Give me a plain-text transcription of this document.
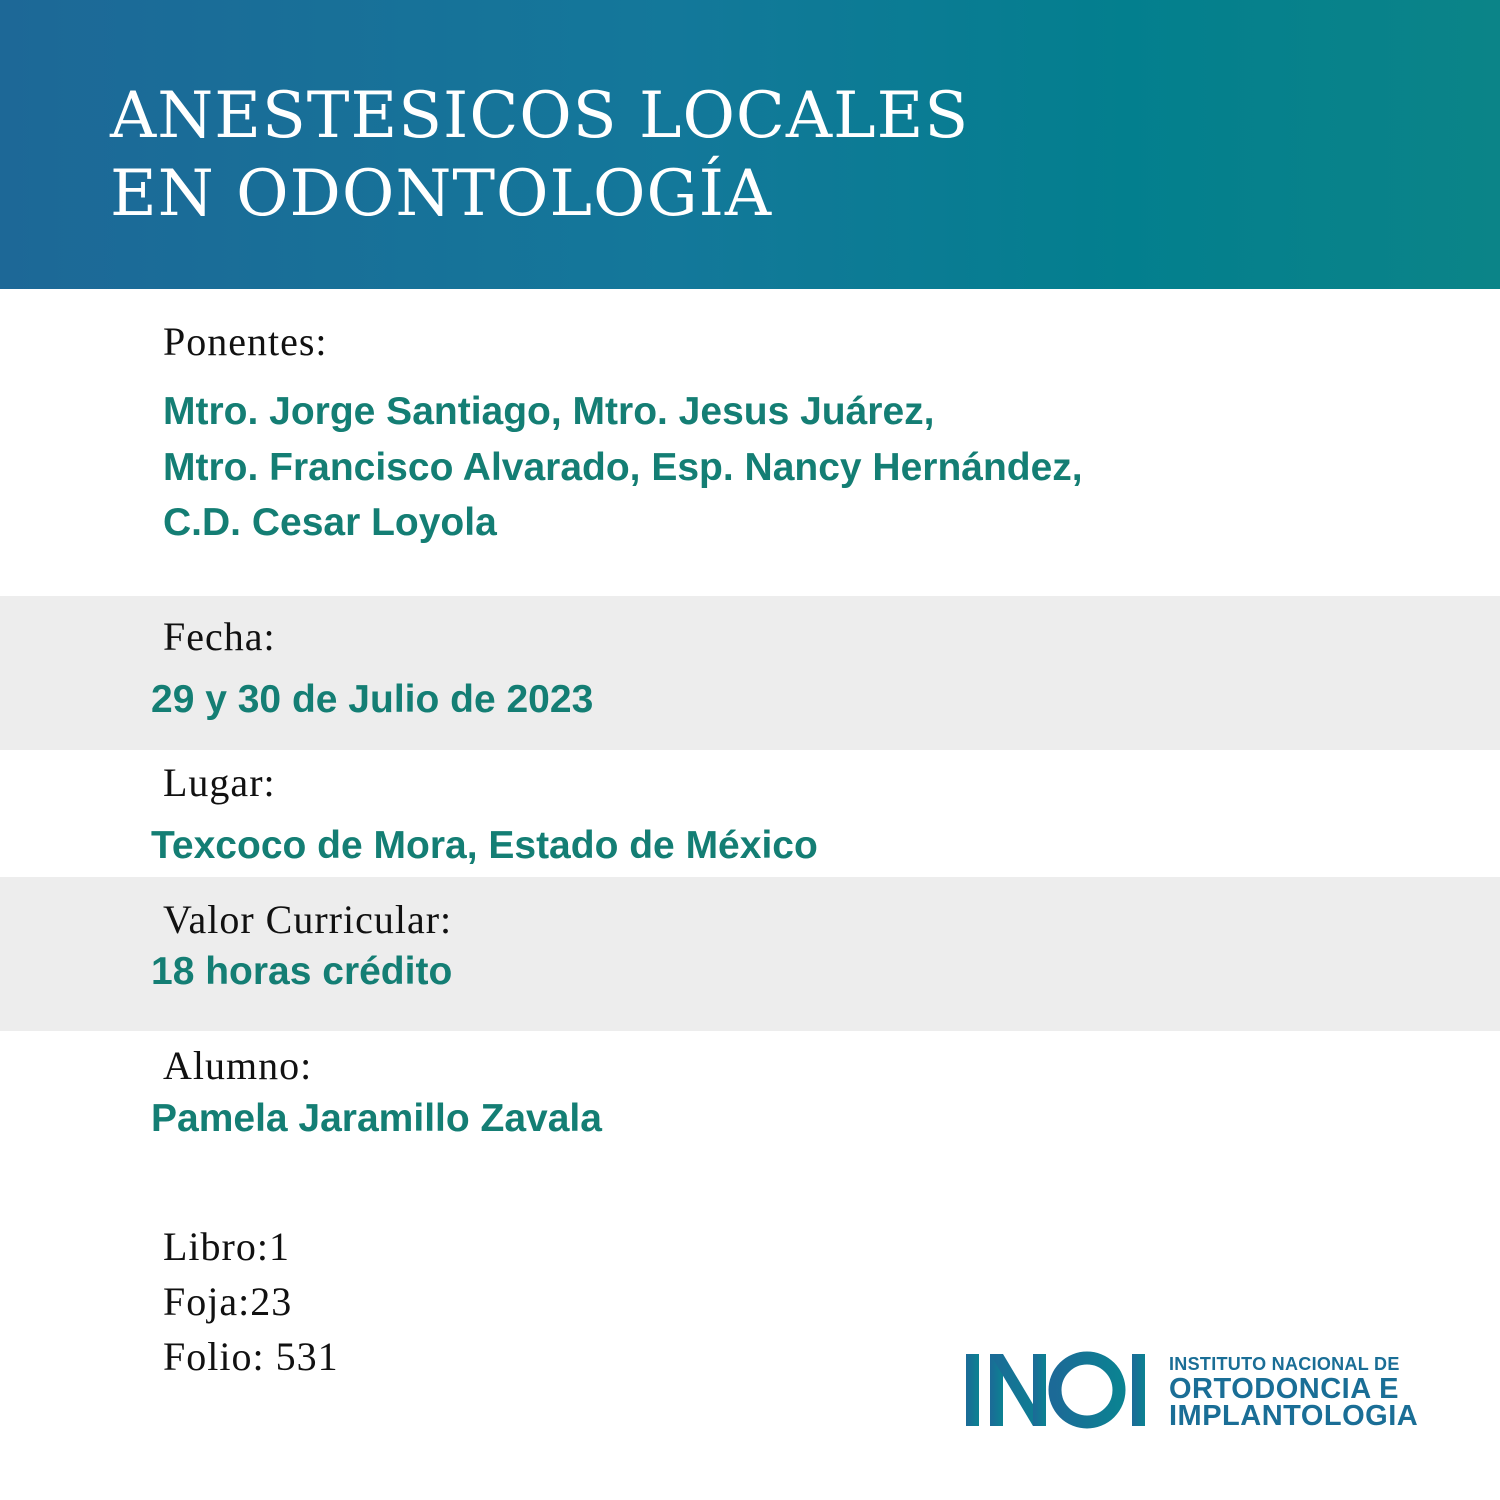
ANESTESICOS LOCALES
EN ODONTOLOGÍA
Ponentes:
Mtro. Jorge Santiago, Mtro. Jesus Juárez,
Mtro. Francisco Alvarado, Esp. Nancy Hernández,
C.D. Cesar Loyola
Fecha:
29 y 30 de Julio de 2023
Lugar:
Texcoco de Mora, Estado de México
Valor Curricular:
18 horas crédito
Alumno:
Pamela Jaramillo Zavala
Libro:1
Foja:23
Folio: 531	INSTITUTO NACIONAL DE
ORTODONCIA E
IMPLANTOLOGIA
